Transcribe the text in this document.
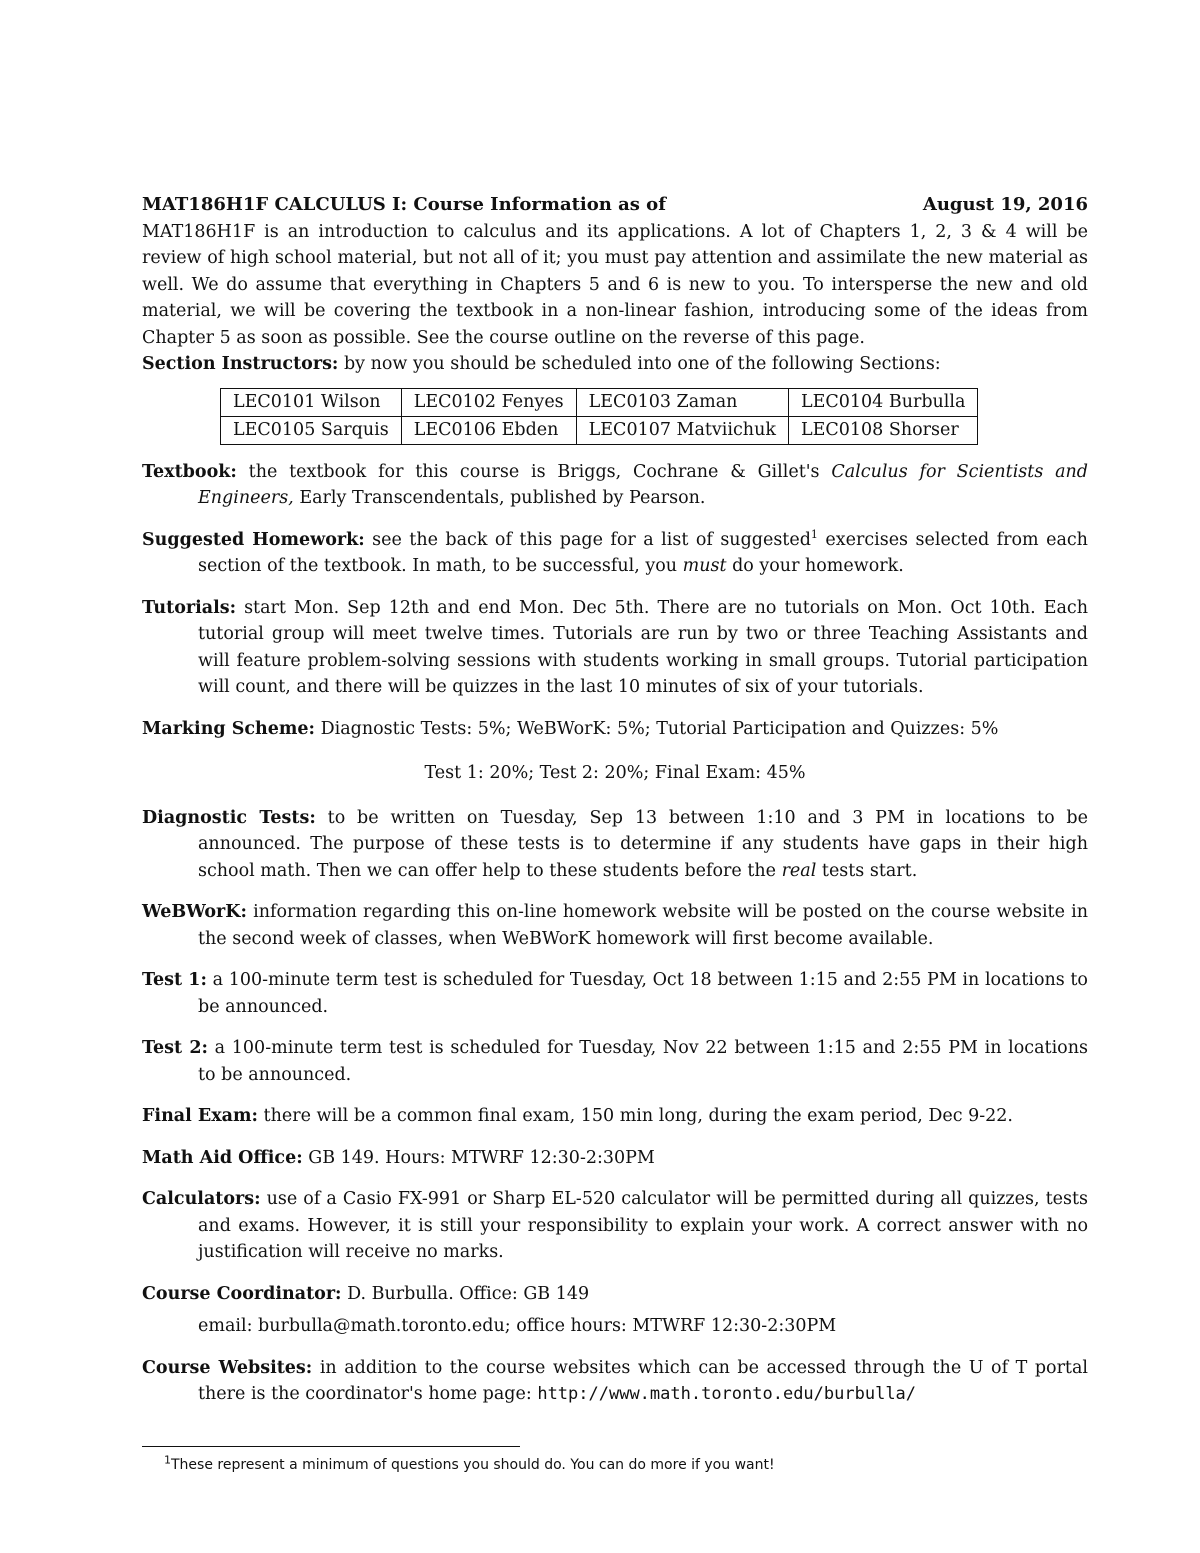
MAT186H1F CALCULUS I: Course Information as of	August 19, 2016

MAT186H1F is an introduction to calculus and its applications. A lot of Chapters 1, 2, 3 & 4 will be review of high school material, but not all of it; you must pay attention and assimilate the new material as well. We do assume that everything in Chapters 5 and 6 is new to you. To intersperse the new and old material, we will be covering the textbook in a non-linear fashion, introducing some of the ideas from Chapter 5 as soon as possible. See the course outline on the reverse of this page.

Section Instructors: by now you should be scheduled into one of the following Sections:

LEC0101 Wilson	LEC0102 Fenyes	LEC0103 Zaman	LEC0104 Burbulla
LEC0105 Sarquis	LEC0106 Ebden	LEC0107 Matviichuk	LEC0108 Shorser

Textbook: the textbook for this course is Briggs, Cochrane & Gillet's Calculus for Scientists and Engineers, Early Transcendentals, published by Pearson.

Suggested Homework: see the back of this page for a list of suggested$^1$ exercises selected from each section of the textbook. In math, to be successful, you must do your homework.

Tutorials: start Mon. Sep 12th and end Mon. Dec 5th. There are no tutorials on Mon. Oct 10th. Each tutorial group will meet twelve times. Tutorials are run by two or three Teaching Assistants and will feature problem-solving sessions with students working in small groups. Tutorial participation will count, and there will be quizzes in the last 10 minutes of six of your tutorials.

Marking Scheme: Diagnostic Tests: 5%; WeBWorK: 5%; Tutorial Participation and Quizzes: 5%

Test 1: 20%; Test 2: 20%; Final Exam: 45%

Diagnostic Tests: to be written on Tuesday, Sep 13 between 1:10 and 3 PM in locations to be announced. The purpose of these tests is to determine if any students have gaps in their high school math. Then we can offer help to these students before the real tests start.

WeBWorK: information regarding this on-line homework website will be posted on the course website in the second week of classes, when WeBWorK homework will first become available.

Test 1: a 100-minute term test is scheduled for Tuesday, Oct 18 between 1:15 and 2:55 PM in locations to be announced.

Test 2: a 100-minute term test is scheduled for Tuesday, Nov 22 between 1:15 and 2:55 PM in locations to be announced.

Final Exam: there will be a common final exam, 150 min long, during the exam period, Dec 9-22.

Math Aid Office: GB 149. Hours: MTWRF 12:30-2:30PM

Calculators: use of a Casio FX-991 or Sharp EL-520 calculator will be permitted during all quizzes, tests and exams. However, it is still your responsibility to explain your work. A correct answer with no justification will receive no marks.

Course Coordinator: D. Burbulla. Office: GB 149

email: burbulla@math.toronto.edu; office hours: MTWRF 12:30-2:30PM

Course Websites: in addition to the course websites which can be accessed through the U of T portal there is the coordinator's home page: http://www.math.toronto.edu/burbulla/

$^1$These represent a minimum of questions you should do. You can do more if you want!
